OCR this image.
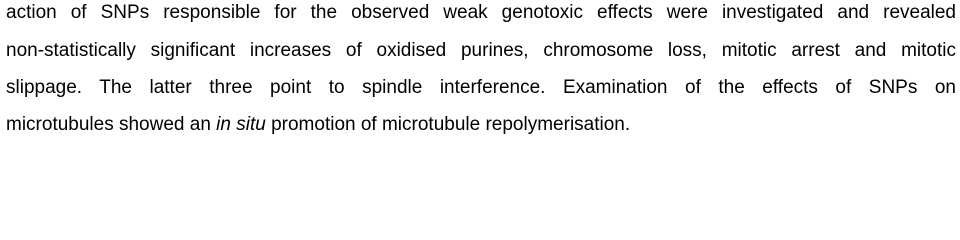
action of SNPs responsible for the observed weak genotoxic effects were investigated and revealed
non-statistically significant increases of oxidised purines, chromosome loss, mitotic arrest and mitotic
slippage. The latter three point to spindle interference. Examination of the effects of SNPs on
microtubules showed an in situ promotion of microtubule repolymerisation.
